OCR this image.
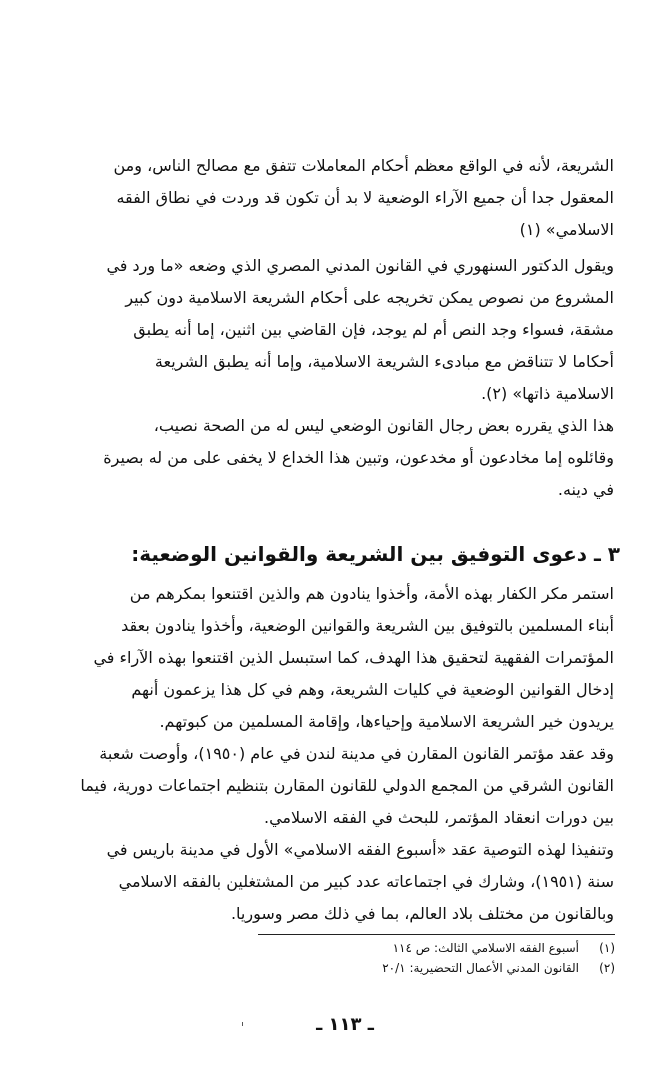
الشريعة، لأنه في الواقع معظم أحكام المعاملات تتفق مع مصالح الناس، ومن
المعقول جدا أن جميع الآراء الوضعية لا بد أن تكون قد وردت في نطاق الفقه
الاسلامي» (١)
ويقول الدكتور السنهوري في القانون المدني المصري الذي وضعه «ما ورد في
المشروع من نصوص يمكن تخريجه على أحكام الشريعة الاسلامية دون كبير
مشقة، فسواء وجد النص أم لم يوجد، فإن القاضي بين اثنين، إما أنه يطبق
أحكاما لا تتناقض مع مبادىء الشريعة الاسلامية، وإما أنه يطبق الشريعة
الاسلامية ذاتها» (٢).
هذا الذي يقرره بعض رجال القانون الوضعي ليس له من الصحة نصيب،
وقائلوه إما مخادعون أو مخدعون، وتبين هذا الخداع لا يخفى على من له بصيرة
في دينه.
٣ ـ دعوى التوفيق بين الشريعة والقوانين الوضعية:
استمر مكر الكفار بهذه الأمة، وأخذوا ينادون هم والذين اقتنعوا بمكرهم من
أبناء المسلمين بالتوفيق بين الشريعة والقوانين الوضعية، وأخذوا ينادون بعقد
المؤتمرات الفقهية لتحقيق هذا الهدف، كما استبسل الذين اقتنعوا بهذه الآراء في
إدخال القوانين الوضعية في كليات الشريعة، وهم في كل هذا يزعمون أنهم
يريدون خير الشريعة الاسلامية وإحياءها، وإقامة المسلمين من كبوتهم.
وقد عقد مؤتمر القانون المقارن في مدينة لندن في عام (١٩٥٠)، وأوصت شعبة
القانون الشرقي من المجمع الدولي للقانون المقارن بتنظيم اجتماعات دورية، فيما
بين دورات انعقاد المؤتمر، للبحث في الفقه الاسلامي.
وتنفيذا لهذه التوصية عقد «أسبوع الفقه الاسلامي» الأول في مدينة باريس في
سنة (١٩٥١)، وشارك في اجتماعاته عدد كبير من المشتغلين بالفقه الاسلامي
وبالقانون من مختلف بلاد العالم، بما في ذلك مصر وسوريا.
(١)
أسبوع الفقه الاسلامي الثالث: ص ١١٤
(٢)
القانون المدني الأعمال التحضيرية: ٢٠/١
ـ ١١٣ ـ
